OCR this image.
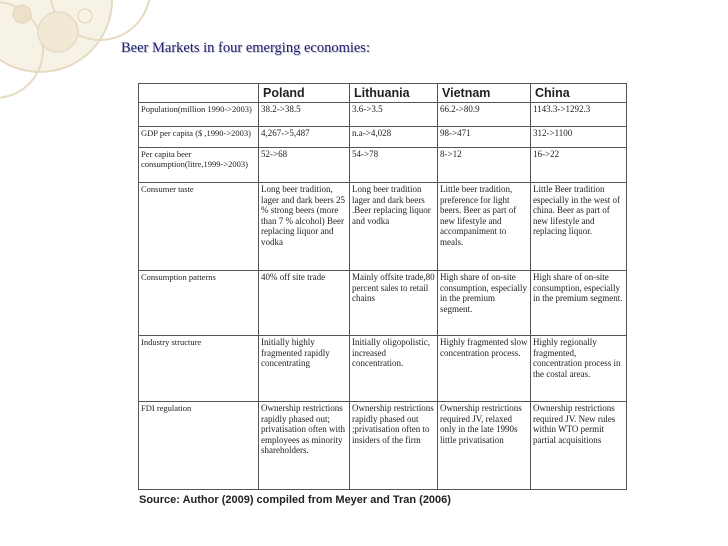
Beer Markets in four emerging economies:
	Poland	Lithuania	Vietnam	China
Population(million 1990->2003)	38.2->38.5	3.6->3.5	66.2->80.9	1143.3->1292.3
GDP per capita ($ ,1990->2003)	4,267->5,487	n.a->4,028	98->471	312->1100
Per capita beer consumption(litre,1999->2003)	52->68	54->78	8->12	16->22
Consumer taste	Long beer tradition, lager and dark beers 25 % strong beers (more than 7 % alcohol) Beer replacing liquor and vodka	Long beer tradition lager and dark beers .Beer replacing liquor and vodka	Little beer tradition, preference for light beers. Beer as part of new lifestyle and accompaniment to meals.	Little Beer tradition especially in the west of china. Beer as part of new lifestyle and replacing liquor.
Consumption patterns	40% off site trade	Mainly offsite trade,80 percent sales to retail chains	High share of on-site consumption, especially in the premium segment.	High share of on-site consumption, especially in the premium segment.
Industry structure	Initially highly fragmented rapidly concentrating	Initially oligopolistic, increased concentration.	Highly fragmented slow concentration process.	Highly regionally fragmented, concentration process in the costal areas.
FDI regulation	Ownership restrictions rapidly phased out; privatisation often with employees as minority shareholders.	Ownership restrictions rapidly phased out ;privatisation often to insiders of the firm	Ownership restrictions required JV, relaxed only in the late 1990s little privatisation	Ownership restrictions required JV. New rules within WTO permit partial acquisitions
Source: Author (2009) compiled from Meyer and Tran (2006)
